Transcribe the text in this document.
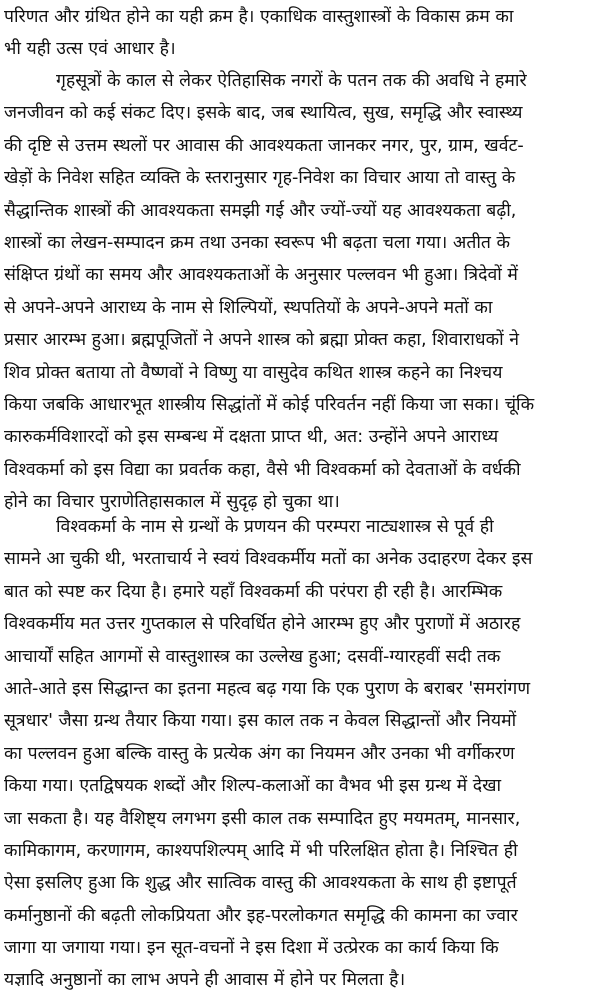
परिणत और ग्रंथित होने का यही क्रम है। एकाधिक वास्तुशास्त्रों के विकास क्रम का
भी यही उत्स एवं आधार है।
गृहसूत्रों के काल से लेकर ऐतिहासिक नगरों के पतन तक की अवधि ने हमारे
जनजीवन को कई संकट दिए। इसके बाद, जब स्थायित्व, सुख, समृद्धि और स्वास्थ्य
की दृष्टि से उत्तम स्थलों पर आवास की आवश्यकता जानकर नगर, पुर, ग्राम, खर्वट-
खेड़ों के निवेश सहित व्यक्ति के स्तरानुसार गृह-निवेश का विचार आया तो वास्तु के
सैद्धान्तिक शास्त्रों की आवश्यकता समझी गई और ज्यों-ज्यों यह आवश्यकता बढ़ी,
शास्त्रों का लेखन-सम्पादन क्रम तथा उनका स्वरूप भी बढ़ता चला गया। अतीत के
संक्षिप्त ग्रंथों का समय और आवश्यकताओं के अनुसार पल्लवन भी हुआ। त्रिदेवों में
से अपने-अपने आराध्य के नाम से शिल्पियों, स्थपतियों के अपने-अपने मतों का
प्रसार आरम्भ हुआ। ब्रह्मपूजितों ने अपने शास्त्र को ब्रह्मा प्रोक्त कहा, शिवाराधकों ने
शिव प्रोक्त बताया तो वैष्णवों ने विष्णु या वासुदेव कथित शास्त्र कहने का निश्चय
किया जबकि आधारभूत शास्त्रीय सिद्धांतों में कोई परिवर्तन नहीं किया जा सका। चूंकि
कारुकर्मविशारदों को इस सम्बन्ध में दक्षता प्राप्त थी, अत: उन्होंने अपने आराध्य
विश्वकर्मा को इस विद्या का प्रवर्तक कहा, वैसे भी विश्वकर्मा को देवताओं के वर्धकी
होने का विचार पुराणेतिहासकाल में सुदृढ़ हो चुका था।
विश्वकर्मा के नाम से ग्रन्थों के प्रणयन की परम्परा नाट्यशास्त्र से पूर्व ही
सामने आ चुकी थी, भरताचार्य ने स्वयं विश्वकर्मीय मतों का अनेक उदाहरण देकर इस
बात को स्पष्ट कर दिया है। हमारे यहाँ विश्वकर्मा की परंपरा ही रही है। आरम्भिक
विश्वकर्मीय मत उत्तर गुप्तकाल से परिवर्धित होने आरम्भ हुए और पुराणों में अठारह
आचार्यों सहित आगमों से वास्तुशास्त्र का उल्लेख हुआ; दसवीं-ग्यारहवीं सदी तक
आते-आते इस सिद्धान्त का इतना महत्व बढ़ गया कि एक पुराण के बराबर 'समरांगण
सूत्रधार' जैसा ग्रन्थ तैयार किया गया। इस काल तक न केवल सिद्धान्तों और नियमों
का पल्लवन हुआ बल्कि वास्तु के प्रत्येक अंग का नियमन और उनका भी वर्गीकरण
किया गया। एतद्विषयक शब्दों और शिल्प-कलाओं का वैभव भी इस ग्रन्थ में देखा
जा सकता है। यह वैशिष्ट्य लगभग इसी काल तक सम्पादित हुए मयमतम्, मानसार,
कामिकागम, करणागम, काश्यपशिल्पम् आदि में भी परिलक्षित होता है। निश्चित ही
ऐसा इसलिए हुआ कि शुद्ध और सात्विक वास्तु की आवश्यकता के साथ ही इष्टापूर्त
कर्मानुष्ठानों की बढ़ती लोकप्रियता और इह-परलोकगत समृद्धि की कामना का ज्वार
जागा या जगाया गया। इन सूत-वचनों ने इस दिशा में उत्प्रेरक का कार्य किया कि
यज्ञादि अनुष्ठानों का लाभ अपने ही आवास में होने पर मिलता है।
